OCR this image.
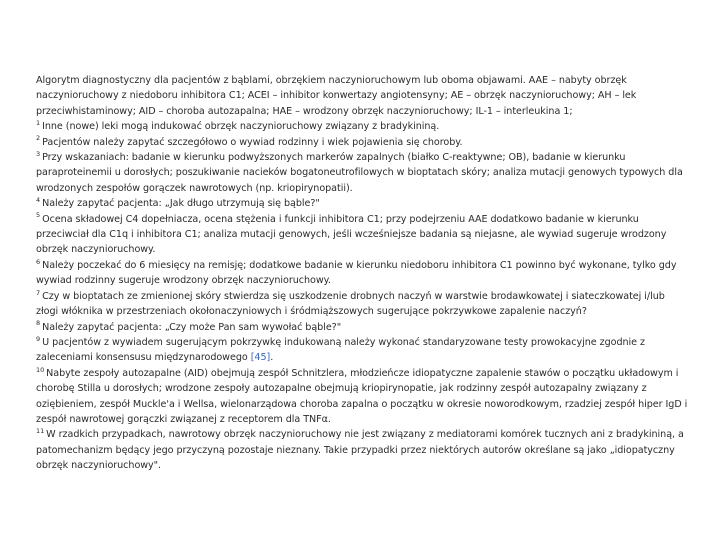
Algorytm diagnostyczny dla pacjentów z bąblami, obrzękiem naczynioruchowym lub oboma objawami. AAE – nabyty obrzęk naczynioruchowy z niedoboru inhibitora C1; ACEI – inhibitor konwertazy angiotensyny; AE – obrzęk naczynioruchowy; AH – lek przeciwhistaminowy; AID – choroba autozapalna; HAE – wrodzony obrzęk naczynioruchowy; IL-1 – interleukina 1;

$^1$ Inne (nowe) leki mogą indukować obrzęk naczynioruchowy związany z bradykininą.

$^2$ Pacjentów należy zapytać szczegółowo o wywiad rodzinny i wiek pojawienia się choroby.

$^3$ Przy wskazaniach: badanie w kierunku podwyższonych markerów zapalnych (białko C-reaktywne; OB), badanie w kierunku paraproteinemii u dorosłych; poszukiwanie nacieków bogatoneutrofilowych w bioptatach skóry; analiza mutacji genowych typowych dla wrodzonych zespołów gorączek nawrotowych (np. kriopirynopatii).

$^4$ Należy zapytać pacjenta: „Jak długo utrzymują się bąble?"

$^5$ Ocena składowej C4 dopełniacza, ocena stężenia i funkcji inhibitora C1; przy podejrzeniu AAE dodatkowo badanie w kierunku przeciwciał dla C1q i inhibitora C1; analiza mutacji genowych, jeśli wcześniejsze badania są niejasne, ale wywiad sugeruje wrodzony obrzęk naczynioruchowy.

$^6$ Należy poczekać do 6 miesięcy na remisję; dodatkowe badanie w kierunku niedoboru inhibitora C1 powinno być wykonane, tylko gdy wywiad rodzinny sugeruje wrodzony obrzęk naczynioruchowy.

$^7$ Czy w bioptatach ze zmienionej skóry stwierdza się uszkodzenie drobnych naczyń w warstwie brodawkowatej i siateczkowatej i/lub złogi włóknika w przestrzeniach okołonaczyniowych i śródmiąższowych sugerujące pokrzywkowe zapalenie naczyń?

$^8$ Należy zapytać pacjenta: „Czy może Pan sam wywołać bąble?"

$^9$ U pacjentów z wywiadem sugerującym pokrzywkę indukowaną należy wykonać standaryzowane testy prowokacyjne zgodnie z zaleceniami konsensusu międzynarodowego [45].

$^{10}$ Nabyte zespoły autozapalne (AID) obejmują zespół Schnitzlera, młodzieńcze idiopatyczne zapalenie stawów o początku układowym i chorobę Stilla u dorosłych; wrodzone zespoły autozapalne obejmują kriopirynopatie, jak rodzinny zespół autozapalny związany z oziębieniem, zespół Muckle'a i Wellsa, wielonarządowa choroba zapalna o początku w okresie noworodkowym, rzadziej zespół hiper IgD i zespół nawrotowej gorączki związanej z receptorem dla TNFα.

$^{11}$ W rzadkich przypadkach, nawrotowy obrzęk naczynioruchowy nie jest związany z mediatorami komórek tucznych ani z bradykininą, a patomechanizm będący jego przyczyną pozostaje nieznany. Takie przypadki przez niektórych autorów określane są jako „idiopatyczny obrzęk naczynioruchowy".
